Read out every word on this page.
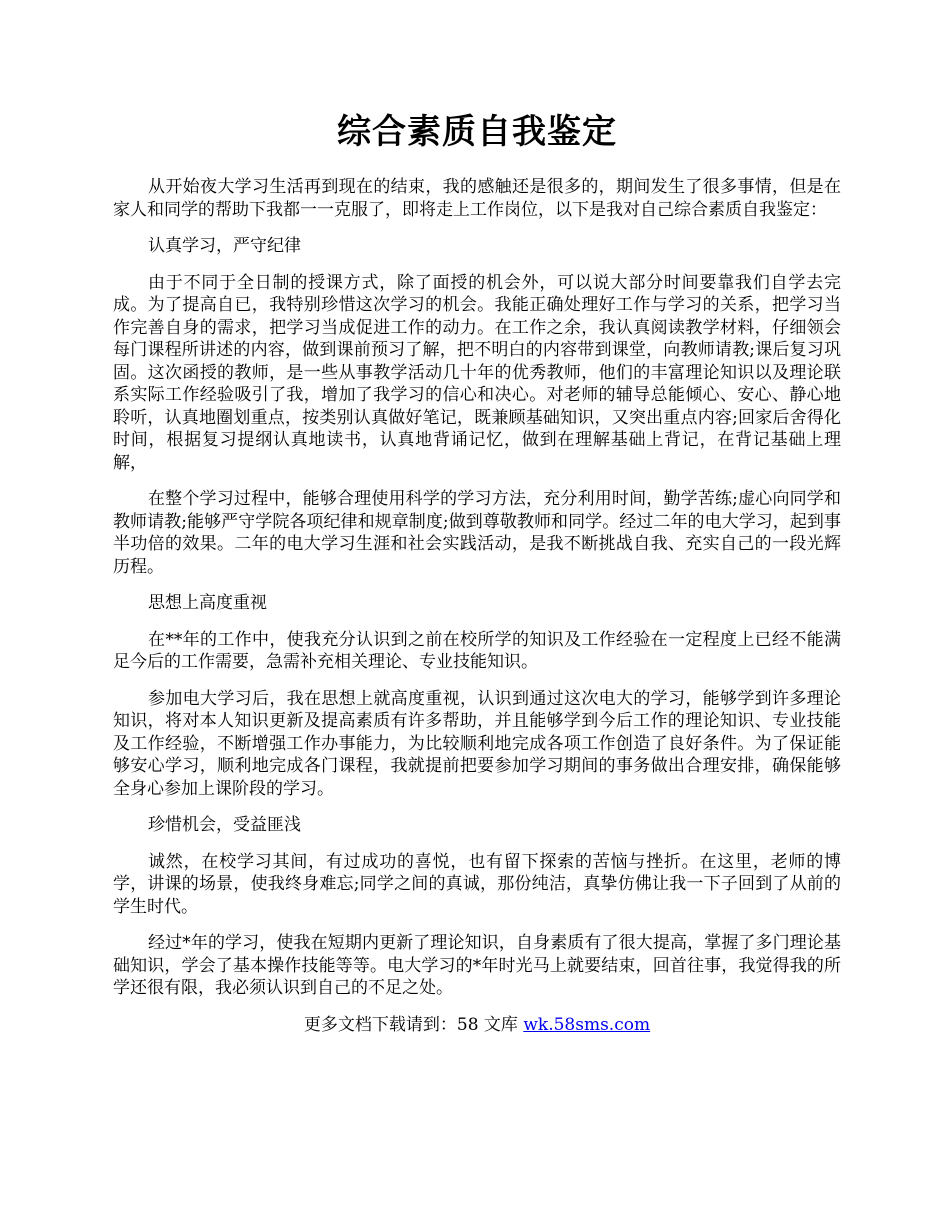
综合素质自我鉴定

从开始夜大学习生活再到现在的结束，我的感触还是很多的，期间发生了很多事情，但是在家人和同学的帮助下我都一一克服了，即将走上工作岗位，以下是我对自己综合素质自我鉴定：

认真学习，严守纪律

由于不同于全日制的授课方式，除了面授的机会外，可以说大部分时间要靠我们自学去完成。为了提高自已，我特别珍惜这次学习的机会。我能正确处理好工作与学习的关系，把学习当作完善自身的需求，把学习当成促进工作的动力。在工作之余，我认真阅读教学材料，仔细领会每门课程所讲述的内容，做到课前预习了解，把不明白的内容带到课堂，向教师请教;课后复习巩固。这次函授的教师，是一些从事教学活动几十年的优秀教师，他们的丰富理论知识以及理论联系实际工作经验吸引了我，增加了我学习的信心和决心。对老师的辅导总能倾心、安心、静心地聆听，认真地圈划重点，按类别认真做好笔记，既兼顾基础知识，又突出重点内容;回家后舍得化时间，根据复习提纲认真地读书，认真地背诵记忆，做到在理解基础上背记，在背记基础上理解，

在整个学习过程中，能够合理使用科学的学习方法，充分利用时间，勤学苦练;虚心向同学和教师请教;能够严守学院各项纪律和规章制度;做到尊敬教师和同学。经过二年的电大学习，起到事半功倍的效果。二年的电大学习生涯和社会实践活动，是我不断挑战自我、充实自己的一段光辉历程。

思想上高度重视

在**年的工作中，使我充分认识到之前在校所学的知识及工作经验在一定程度上已经不能满足今后的工作需要，急需补充相关理论、专业技能知识。

参加电大学习后，我在思想上就高度重视，认识到通过这次电大的学习，能够学到许多理论知识，将对本人知识更新及提高素质有许多帮助，并且能够学到今后工作的理论知识、专业技能及工作经验，不断增强工作办事能力，为比较顺利地完成各项工作创造了良好条件。为了保证能够安心学习，顺利地完成各门课程，我就提前把要参加学习期间的事务做出合理安排，确保能够全身心参加上课阶段的学习。

珍惜机会，受益匪浅

诚然，在校学习其间，有过成功的喜悦，也有留下探索的苦恼与挫折。在这里，老师的博学，讲课的场景，使我终身难忘;同学之间的真诚，那份纯洁，真挚仿佛让我一下子回到了从前的学生时代。

经过*年的学习，使我在短期内更新了理论知识，自身素质有了很大提高，掌握了多门理论基础知识，学会了基本操作技能等等。电大学习的*年时光马上就要结束，回首往事，我觉得我的所学还很有限，我必须认识到自己的不足之处。

更多文档下载请到：58 文库 wk.58sms.com
